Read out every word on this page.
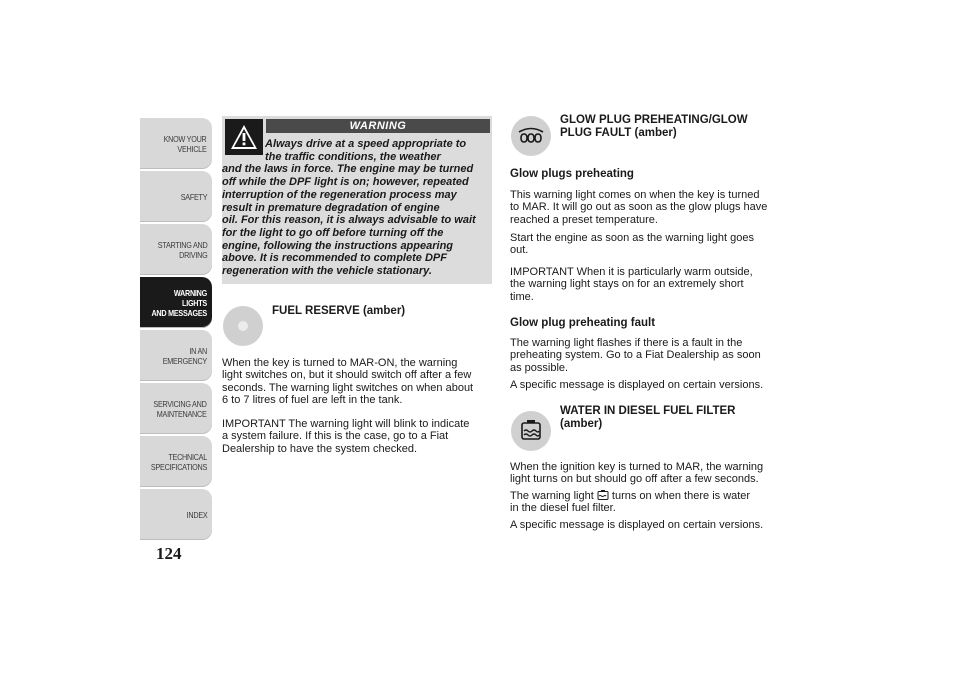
KNOW YOUR
VEHICLE
SAFETY
STARTING AND
DRIVING
WARNING LIGHTS
AND MESSAGES
IN AN EMERGENCY
SERVICING AND
MAINTENANCE
TECHNICAL
SPECIFICATIONS
INDEX
124
WARNING
Always drive at a speed appropriate to
the traffic conditions, the weather
and the laws in force. The engine may be turned
off while the DPF light is on; however, repeated
interruption of the regeneration process may
result in premature degradation of engine
oil. For this reason, it is always advisable to wait
for the light to go off before turning off the
engine, following the instructions appearing
above. It is recommended to complete DPF
regeneration with the vehicle stationary.
FUEL RESERVE (amber)
When the key is turned to MAR-ON, the warning
light switches on, but it should switch off after a few
seconds. The warning light switches on when about
6 to 7 litres of fuel are left in the tank.
IMPORTANT The warning light will blink to indicate
a system failure. If this is the case, go to a Fiat
Dealership to have the system checked.
GLOW PLUG PREHEATING/GLOW
PLUG FAULT (amber)
Glow plugs preheating
This warning light comes on when the key is turned
to MAR. It will go out as soon as the glow plugs have
reached a preset temperature.
Start the engine as soon as the warning light goes
out.
IMPORTANT When it is particularly warm outside,
the warning light stays on for an extremely short
time.
Glow plug preheating fault
The warning light flashes if there is a fault in the
preheating system. Go to a Fiat Dealership as soon
as possible.
A specific message is displayed on certain versions.
WATER IN DIESEL FUEL FILTER
(amber)
When the ignition key is turned to MAR, the warning
light turns on but should go off after a few seconds.
The warning light turns on when there is water
in the diesel fuel filter.
A specific message is displayed on certain versions.
